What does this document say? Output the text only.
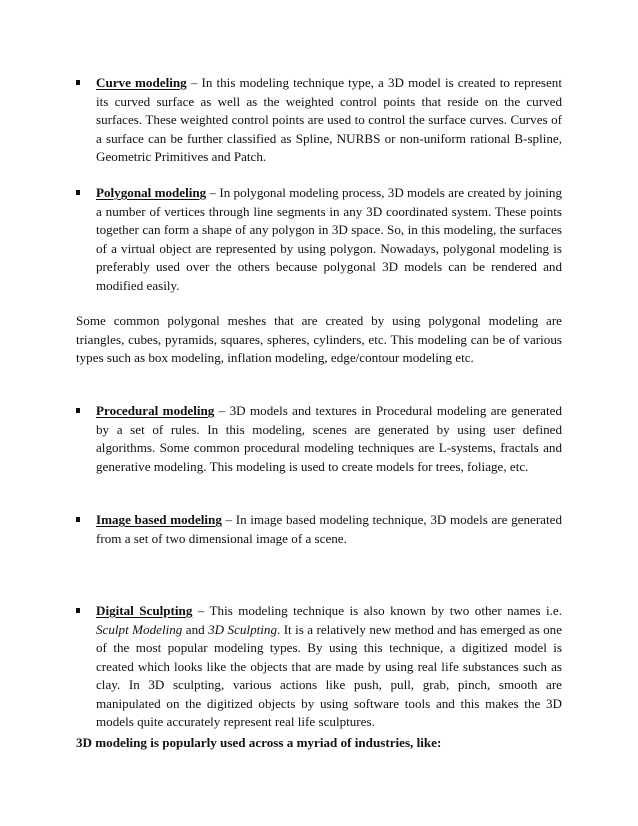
Curve modeling – In this modeling technique type, a 3D model is created to represent its curved surface as well as the weighted control points that reside on the curved surfaces. These weighted control points are used to control the surface curves. Curves of a surface can be further classified as Spline, NURBS or non-uniform rational B-spline, Geometric Primitives and Patch.
Polygonal modeling – In polygonal modeling process, 3D models are created by joining a number of vertices through line segments in any 3D coordinated system. These points together can form a shape of any polygon in 3D space. So, in this modeling, the surfaces of a virtual object are represented by using polygon. Nowadays, polygonal modeling is preferably used over the others because polygonal 3D models can be rendered and modified easily.
Some common polygonal meshes that are created by using polygonal modeling are triangles, cubes, pyramids, squares, spheres, cylinders, etc. This modeling can be of various types such as box modeling, inflation modeling, edge/contour modeling etc.
Procedural modeling – 3D models and textures in Procedural modeling are generated by a set of rules. In this modeling, scenes are generated by using user defined algorithms. Some common procedural modeling techniques are L-systems, fractals and generative modeling. This modeling is used to create models for trees, foliage, etc.
Image based modeling – In image based modeling technique, 3D models are generated from a set of two dimensional image of a scene.
Digital Sculpting – This modeling technique is also known by two other names i.e. Sculpt Modeling and 3D Sculpting. It is a relatively new method and has emerged as one of the most popular modeling types. By using this technique, a digitized model is created which looks like the objects that are made by using real life substances such as clay. In 3D sculpting, various actions like push, pull, grab, pinch, smooth are manipulated on the digitized objects by using software tools and this makes the 3D models quite accurately represent real life sculptures.
3D modeling is popularly used across a myriad of industries, like:
